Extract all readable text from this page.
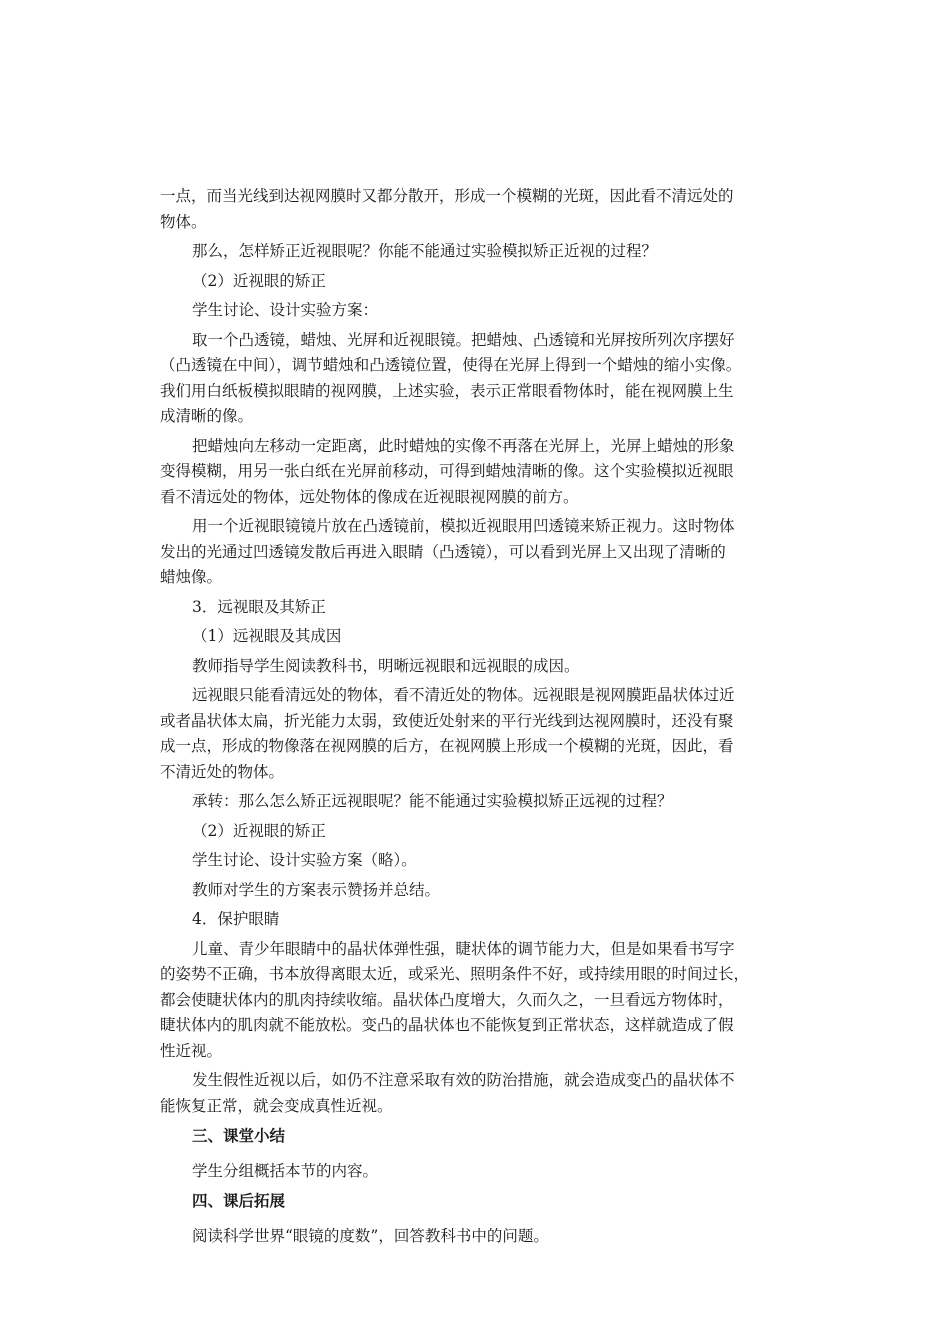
一点，而当光线到达视网膜时又都分散开，形成一个模糊的光斑，因此看不清远处的
物体。
那么，怎样矫正近视眼呢？你能不能通过实验模拟矫正近视的过程？
（2）近视眼的矫正
学生讨论、设计实验方案：
取一个凸透镜，蜡烛、光屏和近视眼镜。把蜡烛、凸透镜和光屏按所列次序摆好
（凸透镜在中间），调节蜡烛和凸透镜位置，使得在光屏上得到一个蜡烛的缩小实像。
我们用白纸板模拟眼睛的视网膜，上述实验，表示正常眼看物体时，能在视网膜上生
成清晰的像。
把蜡烛向左移动一定距离，此时蜡烛的实像不再落在光屏上，光屏上蜡烛的形象
变得模糊，用另一张白纸在光屏前移动，可得到蜡烛清晰的像。这个实验模拟近视眼
看不清远处的物体，远处物体的像成在近视眼视网膜的前方。
用一个近视眼镜镜片放在凸透镜前，模拟近视眼用凹透镜来矫正视力。这时物体
发出的光通过凹透镜发散后再进入眼睛（凸透镜），可以看到光屏上又出现了清晰的
蜡烛像。
3．远视眼及其矫正
（1）远视眼及其成因
教师指导学生阅读教科书，明晰远视眼和远视眼的成因。
远视眼只能看清远处的物体，看不清近处的物体。远视眼是视网膜距晶状体过近
或者晶状体太扁，折光能力太弱，致使近处射来的平行光线到达视网膜时，还没有聚
成一点，形成的物像落在视网膜的后方，在视网膜上形成一个模糊的光斑，因此，看
不清近处的物体。
承转：那么怎么矫正远视眼呢？能不能通过实验模拟矫正远视的过程？
（2）近视眼的矫正
学生讨论、设计实验方案（略）。
教师对学生的方案表示赞扬并总结。
4．保护眼睛
儿童、青少年眼睛中的晶状体弹性强，睫状体的调节能力大，但是如果看书写字
的姿势不正确，书本放得离眼太近，或采光、照明条件不好，或持续用眼的时间过长，
都会使睫状体内的肌肉持续收缩。晶状体凸度增大，久而久之，一旦看远方物体时，
睫状体内的肌肉就不能放松。变凸的晶状体也不能恢复到正常状态，这样就造成了假
性近视。
发生假性近视以后，如仍不注意采取有效的防治措施，就会造成变凸的晶状体不
能恢复正常，就会变成真性近视。
三、课堂小结
学生分组概括本节的内容。
四、课后拓展
阅读科学世界“眼镜的度数”，回答教科书中的问题。
